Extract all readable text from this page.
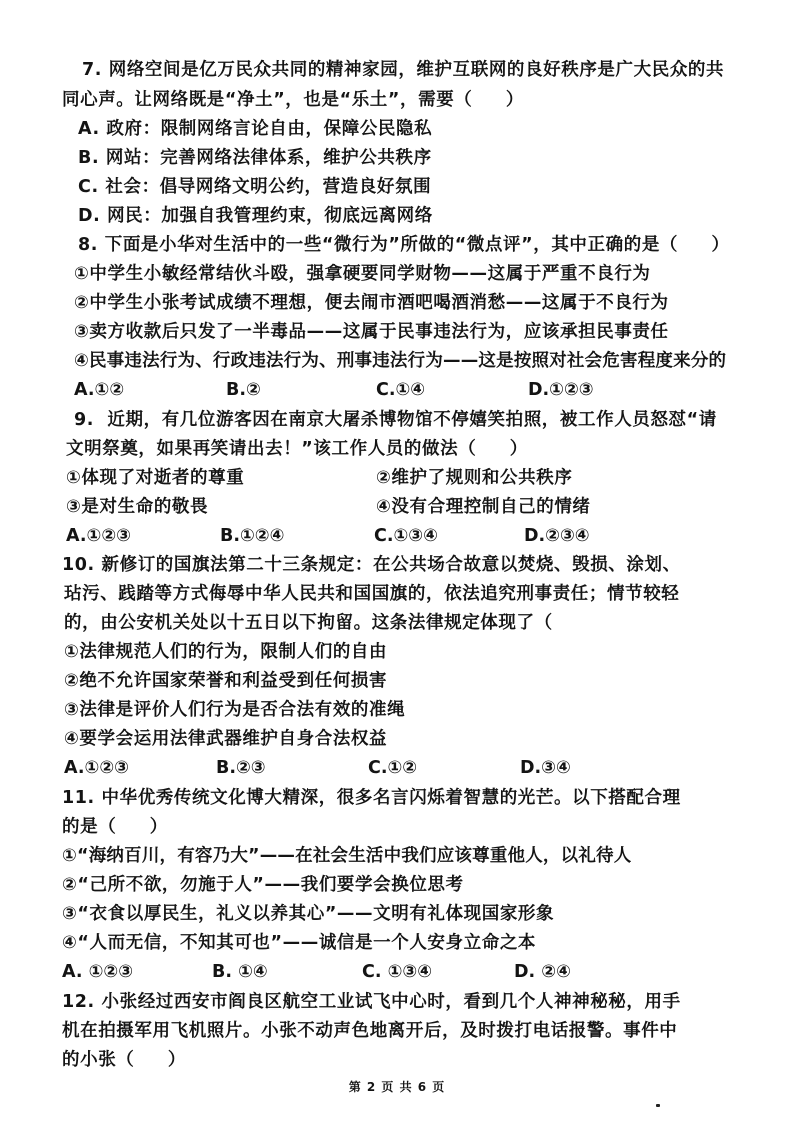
7. 网络空间是亿万民众共同的精神家园，维护互联网的良好秩序是广大民众的共
同心声。让网络既是“净土”，也是“乐土”，需要（     ）
A. 政府：限制网络言论自由，保障公民隐私
B. 网站：完善网络法律体系，维护公共秩序
C. 社会：倡导网络文明公约，营造良好氛围
D. 网民：加强自我管理约束，彻底远离网络
8. 下面是小华对生活中的一些“微行为”所做的“微点评”，其中正确的是（     ）
①中学生小敏经常结伙斗殴，强拿硬要同学财物——这属于严重不良行为
②中学生小张考试成绩不理想，便去闹市酒吧喝酒消愁——这属于不良行为
③卖方收款后只发了一半毒品——这属于民事违法行为，应该承担民事责任
④民事违法行为、行政违法行为、刑事违法行为——这是按照对社会危害程度来分的
A.①②	B.②	C.①④	D.①②③
9.  近期，有几位游客因在南京大屠杀博物馆不停嬉笑拍照，被工作人员怒怼“请
文明祭奠，如果再笑请出去！”该工作人员的做法（     ）
①体现了对逝者的尊重	②维护了规则和公共秩序
③是对生命的敬畏	④没有合理控制自己的情绪
A.①②③	B.①②④	C.①③④	D.②③④
10. 新修订的国旗法第二十三条规定：在公共场合故意以焚烧、毁损、涂划、
玷污、践踏等方式侮辱中华人民共和国国旗的，依法追究刑事责任；情节较轻
的，由公安机关处以十五日以下拘留。这条法律规定体现了（
①法律规范人们的行为，限制人们的自由
②绝不允许国家荣誉和利益受到任何损害
③法律是评价人们行为是否合法有效的准绳
④要学会运用法律武器维护自身合法权益
A.①②③	B.②③	C.①②	D.③④
11. 中华优秀传统文化博大精深，很多名言闪烁着智慧的光芒。以下搭配合理
的是（     ）
①“海纳百川，有容乃大”——在社会生活中我们应该尊重他人，以礼待人
②“己所不欲，勿施于人”——我们要学会换位思考
③“衣食以厚民生，礼义以养其心”——文明有礼体现国家形象
④“人而无信，不知其可也”——诚信是一个人安身立命之本
A. ①②③	B. ①④	C. ①③④	D. ②④
12. 小张经过西安市阎良区航空工业试飞中心时，看到几个人神神秘秘，用手
机在拍摄军用飞机照片。小张不动声色地离开后，及时拨打电话报警。事件中
的小张（     ）
第 2 页 共 6 页
